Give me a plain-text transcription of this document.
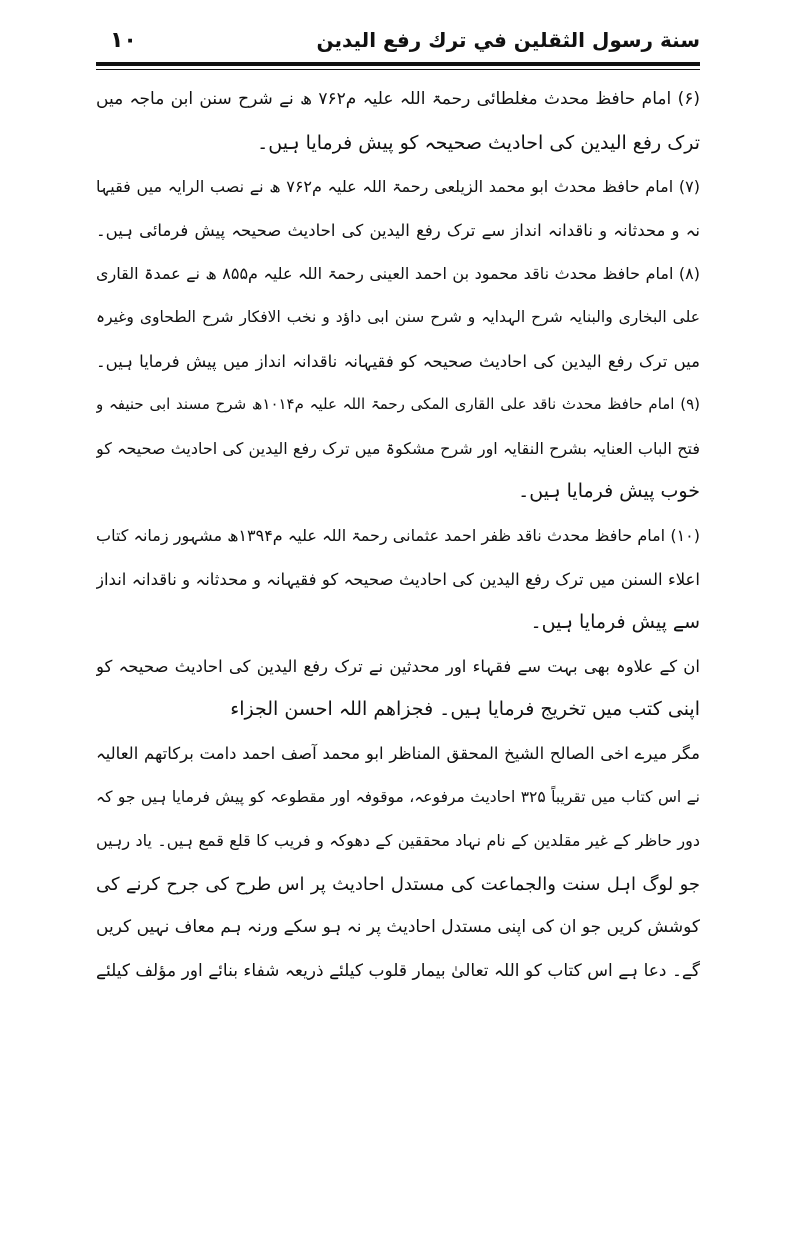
١٠	سنة رسول الثقلين في ترك رفع اليدين
(۶) امام حافظ محدث مغلطائی رحمۃ اللہ علیہ م۷۶۲ ھ نے شرح سنن ابن ماجہ میں
ترک رفع الیدین کی احادیث صحیحہ کو پیش فرمایا ہیں۔
(۷) امام حافظ محدث ابو محمد الزیلعی رحمۃ اللہ علیہ م۷۶۲ ھ نے نصب الرایہ میں فقیہا
نہ و محدثانہ و ناقدانہ انداز سے ترک رفع الیدین کی احادیث صحیحہ پیش فرمائی ہیں۔
(۸) امام حافظ محدث ناقد محمود بن احمد العینی رحمۃ اللہ علیہ م۸۵۵ ھ نے عمدۃ القاری
علی البخاری والبنایہ شرح الہدایہ و شرح سنن ابی داؤد و نخب الافکار شرح الطحاوی وغیرہ
میں ترک رفع الیدین کی احادیث صحیحہ کو فقیہانہ ناقدانہ انداز میں پیش فرمایا ہیں۔
(۹) امام حافظ محدث ناقد علی القاری المکی رحمۃ اللہ علیہ م۱۰۱۴ھ شرح مسند ابی حنیفہ و
فتح الباب العنایہ بشرح النقایہ اور شرح مشکوۃ میں ترک رفع الیدین کی احادیث صحیحہ کو
خوب پیش فرمایا ہیں۔
(۱۰) امام حافظ محدث ناقد ظفر احمد عثمانی رحمۃ اللہ علیہ م۱۳۹۴ھ مشہور زمانہ کتاب
اعلاء السنن میں ترک رفع الیدین کی احادیث صحیحہ کو فقیہانہ و محدثانہ و ناقدانہ انداز
سے پیش فرمایا ہیں۔
ان کے علاوہ بھی بہت سے فقہاء اور محدثین نے ترک رفع الیدین کی احادیث صحیحہ کو
اپنی کتب میں تخریج فرمایا ہیں۔ فجزاھم اللہ احسن الجزاء
مگر میرے اخی الصالح الشیخ المحقق المناظر ابو محمد آصف احمد دامت برکاتھم العالیہ
نے اس کتاب میں تقریباً ۳۲۵ احادیث مرفوعہ، موقوفہ اور مقطوعہ کو پیش فرمایا ہیں جو کہ
دور حاظر کے غیر مقلدین کے نام نہاد محققین کے دھوکہ و فریب کا قلع قمع ہیں۔ یاد رہیں
جو لوگ اہل سنت والجماعت کی مستدل احادیث پر اس طرح کی جرح کرنے کی
کوشش کریں جو ان کی اپنی مستدل احادیث پر نہ ہو سکے ورنہ ہم معاف نہیں کریں
گے۔ دعا ہے اس کتاب کو اللہ تعالیٰ بیمار قلوب کیلئے ذریعہ شفاء بنائے اور مؤلف کیلئے
